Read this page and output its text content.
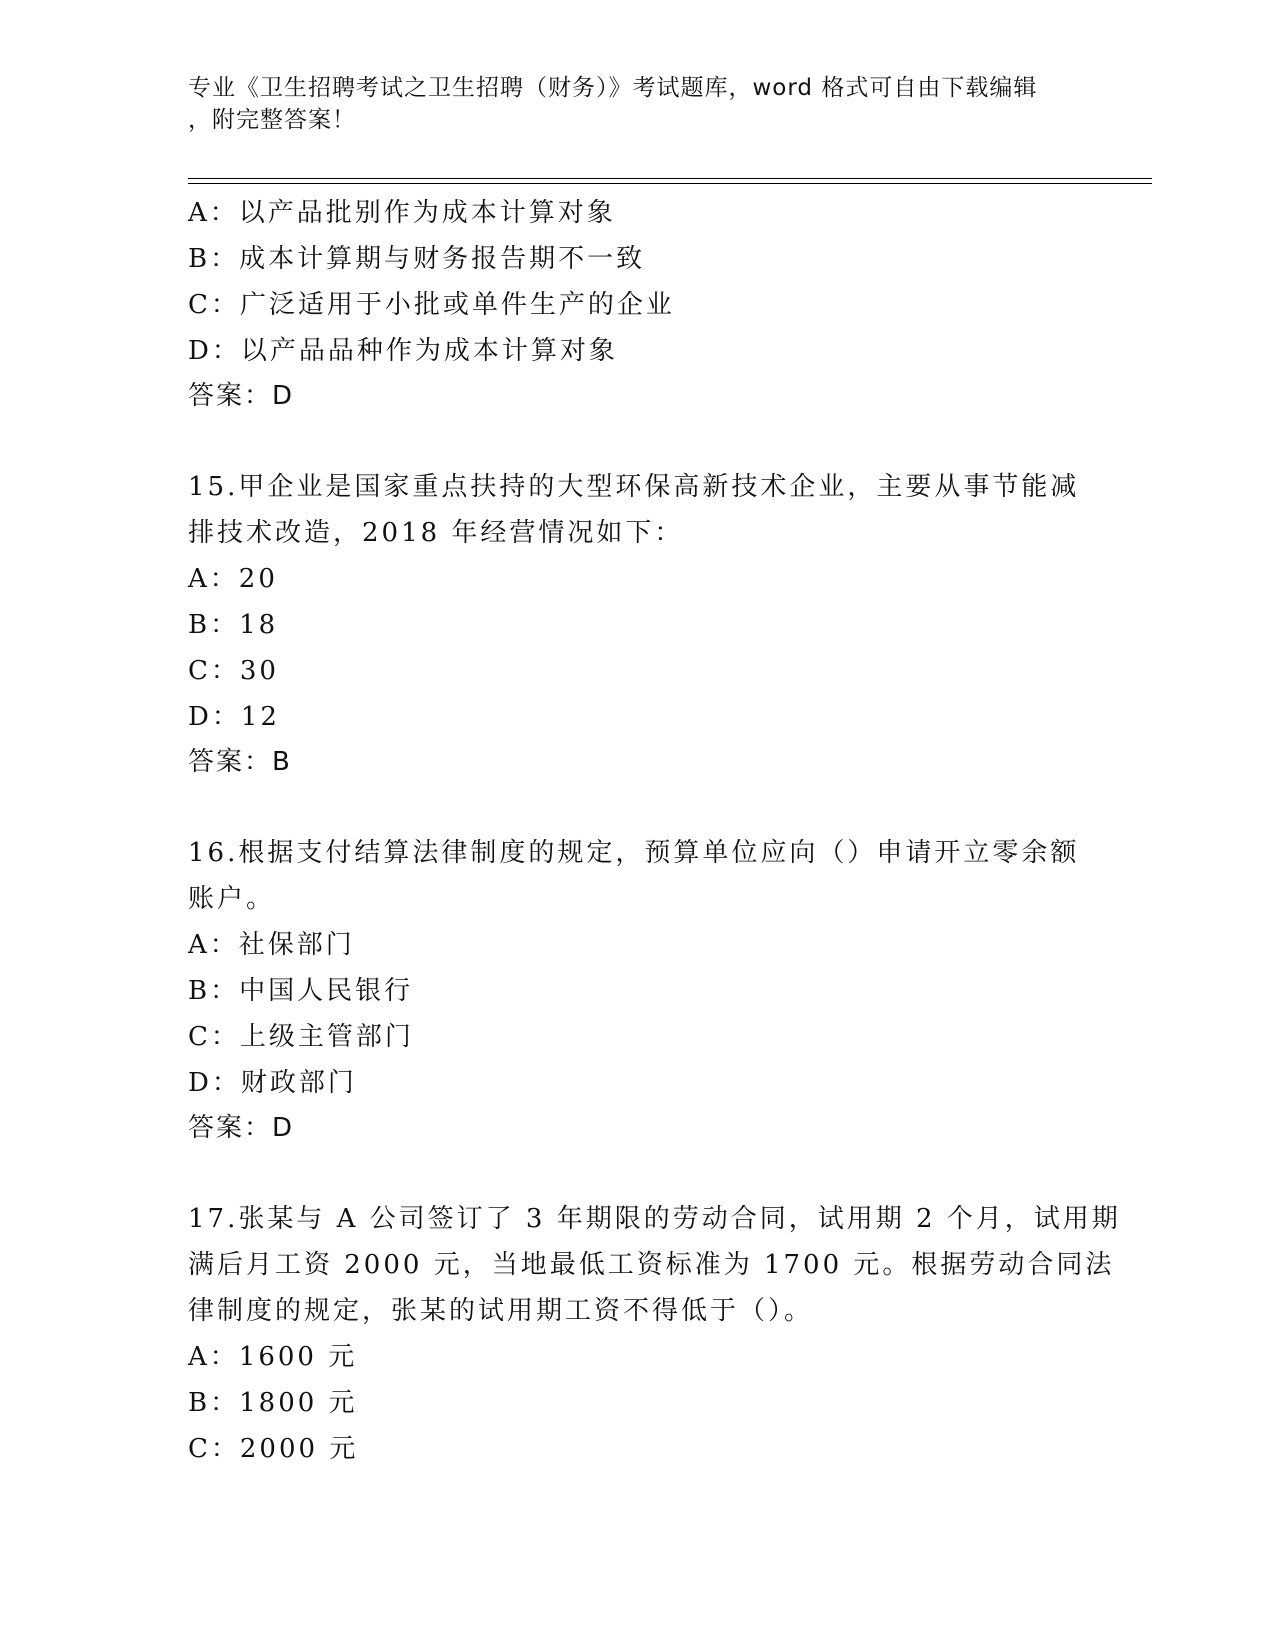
专业《卫生招聘考试之卫生招聘（财务）》考试题库，word 格式可自由下载编辑
，附完整答案！
A：以产品批别作为成本计算对象
B：成本计算期与财务报告期不一致
C：广泛适用于小批或单件生产的企业
D：以产品品种作为成本计算对象
答案：D
15.甲企业是国家重点扶持的大型环保高新技术企业，主要从事节能减
排技术改造，2018 年经营情况如下：
A：20
B：18
C：30
D：12
答案：B
16.根据支付结算法律制度的规定，预算单位应向（）申请开立零余额
账户。
A：社保部门
B：中国人民银行
C：上级主管部门
D：财政部门
答案：D
17.张某与 A 公司签订了 3 年期限的劳动合同，试用期 2 个月，试用期
满后月工资 2000 元，当地最低工资标准为 1700 元。根据劳动合同法
律制度的规定，张某的试用期工资不得低于（）。
A：1600 元
B：1800 元
C：2000 元
